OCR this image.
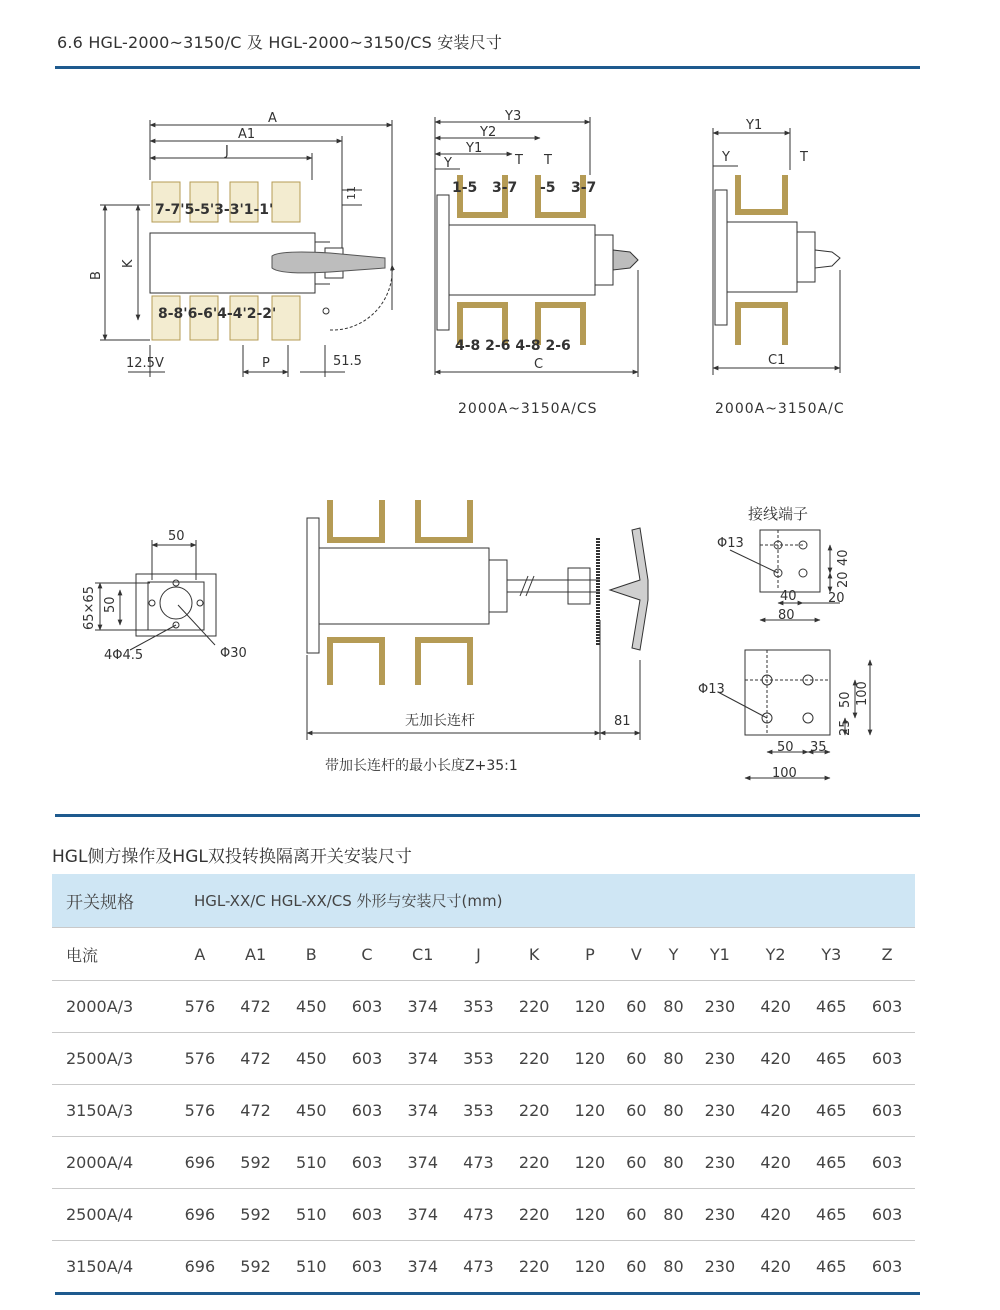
6.6 HGL-2000~3150/C 及 HGL-2000~3150/CS 安装尺寸
A
A1
J
B
K
P
12.5V	51.5
11
7-7'5-5'3-3'1-1'
8-8'6-6'4-4'2-2'
Y3
Y2
Y1
Y	T T
1-5 3-7 -5 3-7
4-8 2-6 4-8 2-6
C
2000A~3150A/CS
Y1
Y	T
C1
2000A~3150A/C
50
65×65 50
4Φ4.5	Φ30
无加长连杆	81
带加长连杆的最小长度Z+35:1
接线端子
Φ13
40
20
40 20
80
Φ13
50 100
25
50 35
100
HGL侧方操作及HGL双投转换隔离开关安装尺寸
开关规格	HGL-XX/C HGL-XX/CS 外形与安装尺寸(mm)													
电流	A	A1	B	C	C1	J	K	P	V	Y	Y1	Y2	Y3	Z
2000A/3	576	472	450	603	374	353	220	120	60	80	230	420	465	603
2500A/3	576	472	450	603	374	353	220	120	60	80	230	420	465	603
3150A/3	576	472	450	603	374	353	220	120	60	80	230	420	465	603
2000A/4	696	592	510	603	374	473	220	120	60	80	230	420	465	603
2500A/4	696	592	510	603	374	473	220	120	60	80	230	420	465	603
3150A/4	696	592	510	603	374	473	220	120	60	80	230	420	465	603
